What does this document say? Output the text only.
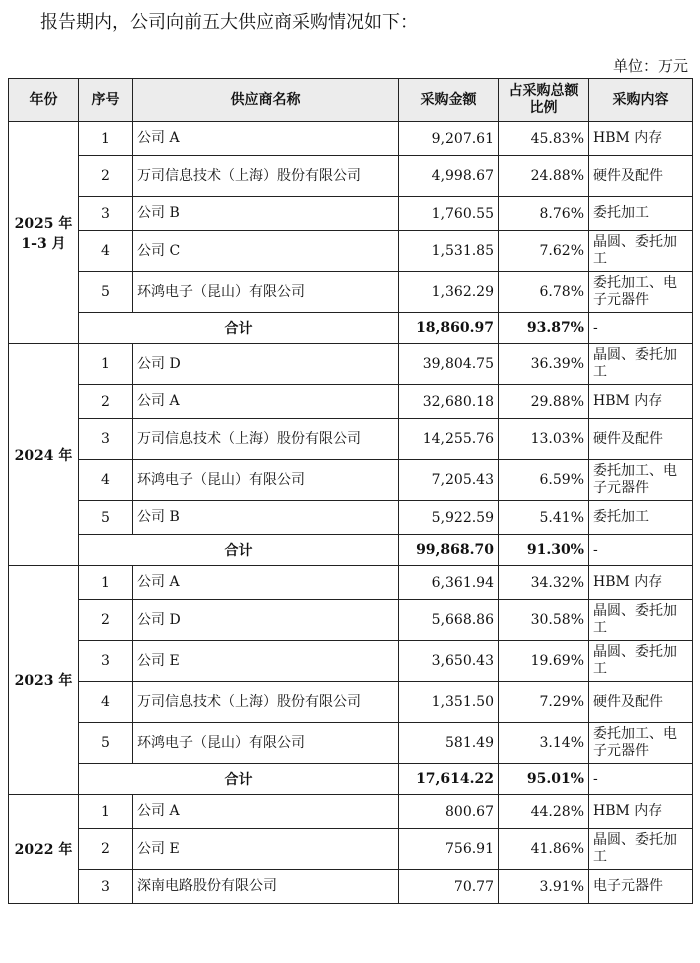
报告期内，公司向前五大供应商采购情况如下：
单位：万元
年份	序号	供应商名称	采购金额	占采购总额比例	采购内容
2025 年 1-3 月	1	公司 A	9,207.61	45.83%	HBM 内存
	2	万司信息技术（上海）股份有限公司	4,998.67	24.88%	硬件及配件
	3	公司 B	1,760.55	8.76%	委托加工
	4	公司 C	1,531.85	7.62%	晶圆、委托加工
	5	环鸿电子（昆山）有限公司	1,362.29	6.78%	委托加工、电子元器件
	合计		18,860.97	93.87%	-
2024 年	1	公司 D	39,804.75	36.39%	晶圆、委托加工
	2	公司 A	32,680.18	29.88%	HBM 内存
	3	万司信息技术（上海）股份有限公司	14,255.76	13.03%	硬件及配件
	4	环鸿电子（昆山）有限公司	7,205.43	6.59%	委托加工、电子元器件
	5	公司 B	5,922.59	5.41%	委托加工
	合计		99,868.70	91.30%	-
2023 年	1	公司 A	6,361.94	34.32%	HBM 内存
	2	公司 D	5,668.86	30.58%	晶圆、委托加工
	3	公司 E	3,650.43	19.69%	晶圆、委托加工
	4	万司信息技术（上海）股份有限公司	1,351.50	7.29%	硬件及配件
	5	环鸿电子（昆山）有限公司	581.49	3.14%	委托加工、电子元器件
	合计		17,614.22	95.01%	-
2022 年	1	公司 A	800.67	44.28%	HBM 内存
	2	公司 E	756.91	41.86%	晶圆、委托加工
	3	深南电路股份有限公司	70.77	3.91%	电子元器件
